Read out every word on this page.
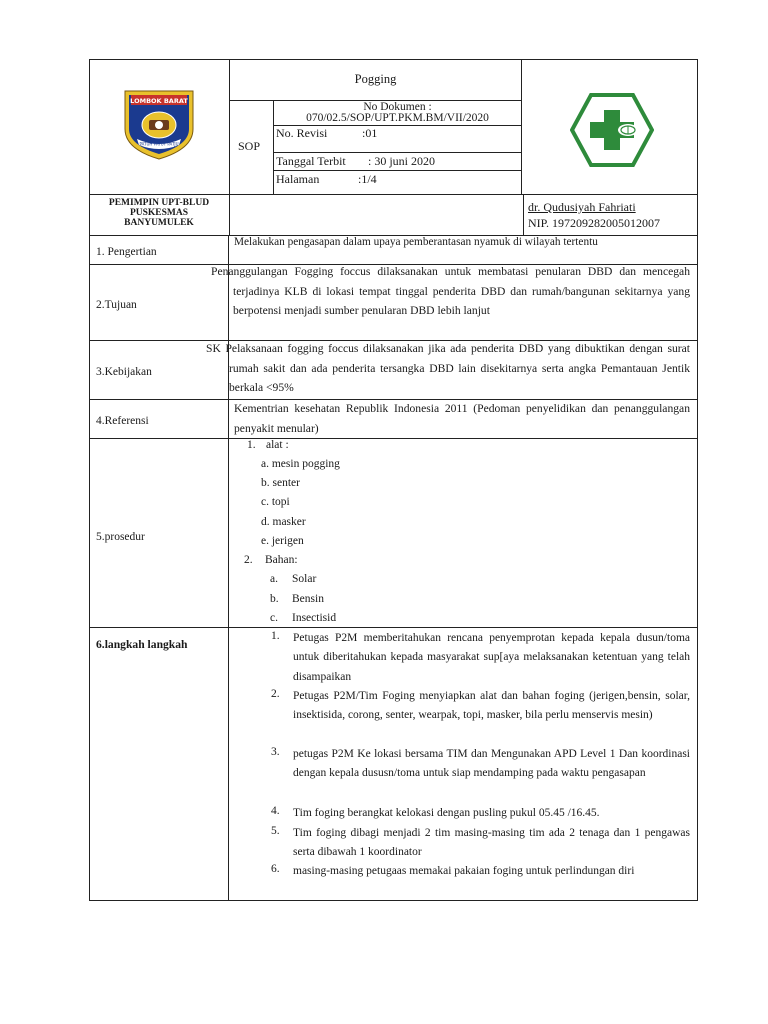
LOMBOK BARAT
PATUH PATUT PATJU
Pogging
SOP
No Dokumen :
070/02.5/SOP/UPT.PKM.BM/VII/2020
No. Revisi	:01
Tanggal Terbit : 30 juni 2020
Halaman	:1/4
PEMIMPIN UPT-BLUD
PUSKESMAS
BANYUMULEK
dr. Qudusiyah Fahriati
NIP. 197209282005012007
1. Pengertian
Melakukan pengasapan dalam upaya pemberantasan nyamuk di wilayah tertentu
2.Tujuan
Penanggulangan Fogging foccus dilaksanakan untuk membatasi penularan DBD dan mencegah terjadinya KLB di lokasi tempat tinggal penderita DBD dan rumah/bangunan sekitarnya yang berpotensi menjadi sumber penularan DBD lebih lanjut
3.Kebijakan
SK Pelaksanaan fogging foccus dilaksanakan jika ada penderita DBD yang dibuktikan dengan surat rumah sakit dan ada penderita tersangka DBD lain disekitarnya serta angka Pemantauan Jentik berkala <95%
4.Referensi
Kementrian kesehatan Republik Indonesia 2011 (Pedoman penyelidikan dan penanggulangan penyakit menular)
5.prosedur
1. alat :
a. mesin pogging
b. senter
c. topi
d. masker
e. jerigen
2. Bahan:
a. Solar
b. Bensin
c. Insectisid
6.langkah langkah
1. Petugas P2M memberitahukan rencana penyemprotan kepada kepala dusun/toma untuk diberitahukan kepada masyarakat sup[aya melaksanakan ketentuan yang telah disampaikan
2. Petugas P2M/Tim Foging menyiapkan alat dan bahan foging (jerigen,bensin, solar, insektisida, corong, senter, wearpak, topi, masker, bila perlu menservis mesin)
3. petugas P2M Ke lokasi bersama TIM dan Mengunakan APD Level 1 Dan koordinasi dengan kepala dususn/toma untuk siap mendamping pada waktu pengasapan
4. Tim foging berangkat kelokasi dengan pusling pukul 05.45 /16.45.
5. Tim foging dibagi menjadi 2 tim masing-masing tim ada 2 tenaga dan 1 pengawas serta dibawah 1 koordinator
6. masing-masing petugaas memakai pakaian foging untuk perlindungan diri
